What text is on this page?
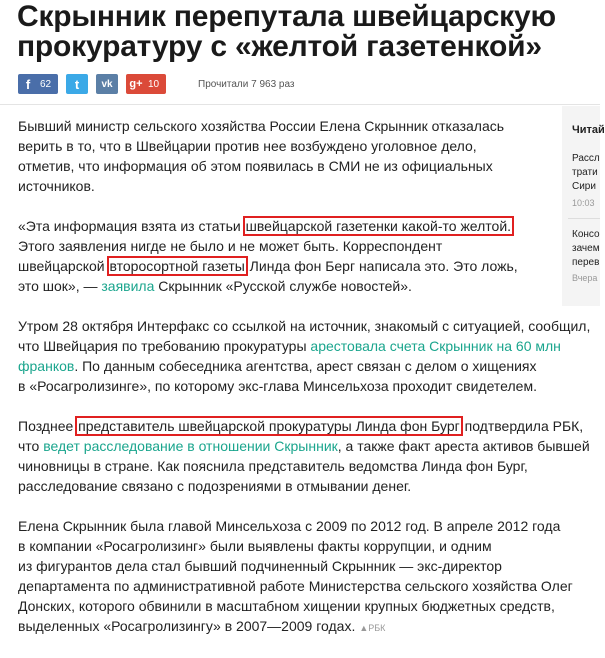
Скрынник перепутала швейцарскую
прокуратуру с «желтой газетенкой»
f 62	t	vk	g+ 10	Прочитали 7 963 раз
Читай
Расcл
трати
Сири
10:03
Консо
зачем
перев
Вчера

Бывший министр сельского хозяйства России Елена Скрынник отказалась
верить в то, что в Швейцарии против нее возбуждено уголовное дело,
отметив, что информация об этом появилась в СМИ не из официальных
источников.

«Эта информация взята из статьи швейцарской газетенки какой-то желтой.
Этого заявления нигде не было и не может быть. Корреспондент
швейцарской второсортной газеты Линда фон Берг написала это. Это ложь,
это шок», — заявила Скрынник «Русской службе новостей».

Утром 28 октября Интерфакс со ссылкой на источник, знакомый с ситуацией, сообщил,
что Швейцария по требованию прокуратуры арестовала счета Скрынник на 60 млн
франков. По данным собеседника агентства, арест связан с делом о хищениях
в «Росагролизинге», по которому экс-глава Минсельхоза проходит свидетелем.

Позднее представитель швейцарской прокуратуры Линда фон Бург подтвердила РБК,
что ведет расследование в отношении Скрынник, а также факт ареста активов бывшей
чиновницы в стране. Как пояснила представитель ведомства Линда фон Бург,
расследование связано с подозрениями в отмывании денег.

Елена Скрынник была главой Минсельхоза с 2009 по 2012 год. В апреле 2012 года
в компании «Росагролизинг» были выявлены факты коррупции, и одним
из фигурантов дела стал бывший подчиненный Скрынник — экс-директор
департамента по административной работе Министерства сельского хозяйства Олег
Донских, которого обвинили в масштабном хищении крупных бюджетных средств,
выделенных «Росагролизингу» в 2007—2009 годах. ▲РБК
